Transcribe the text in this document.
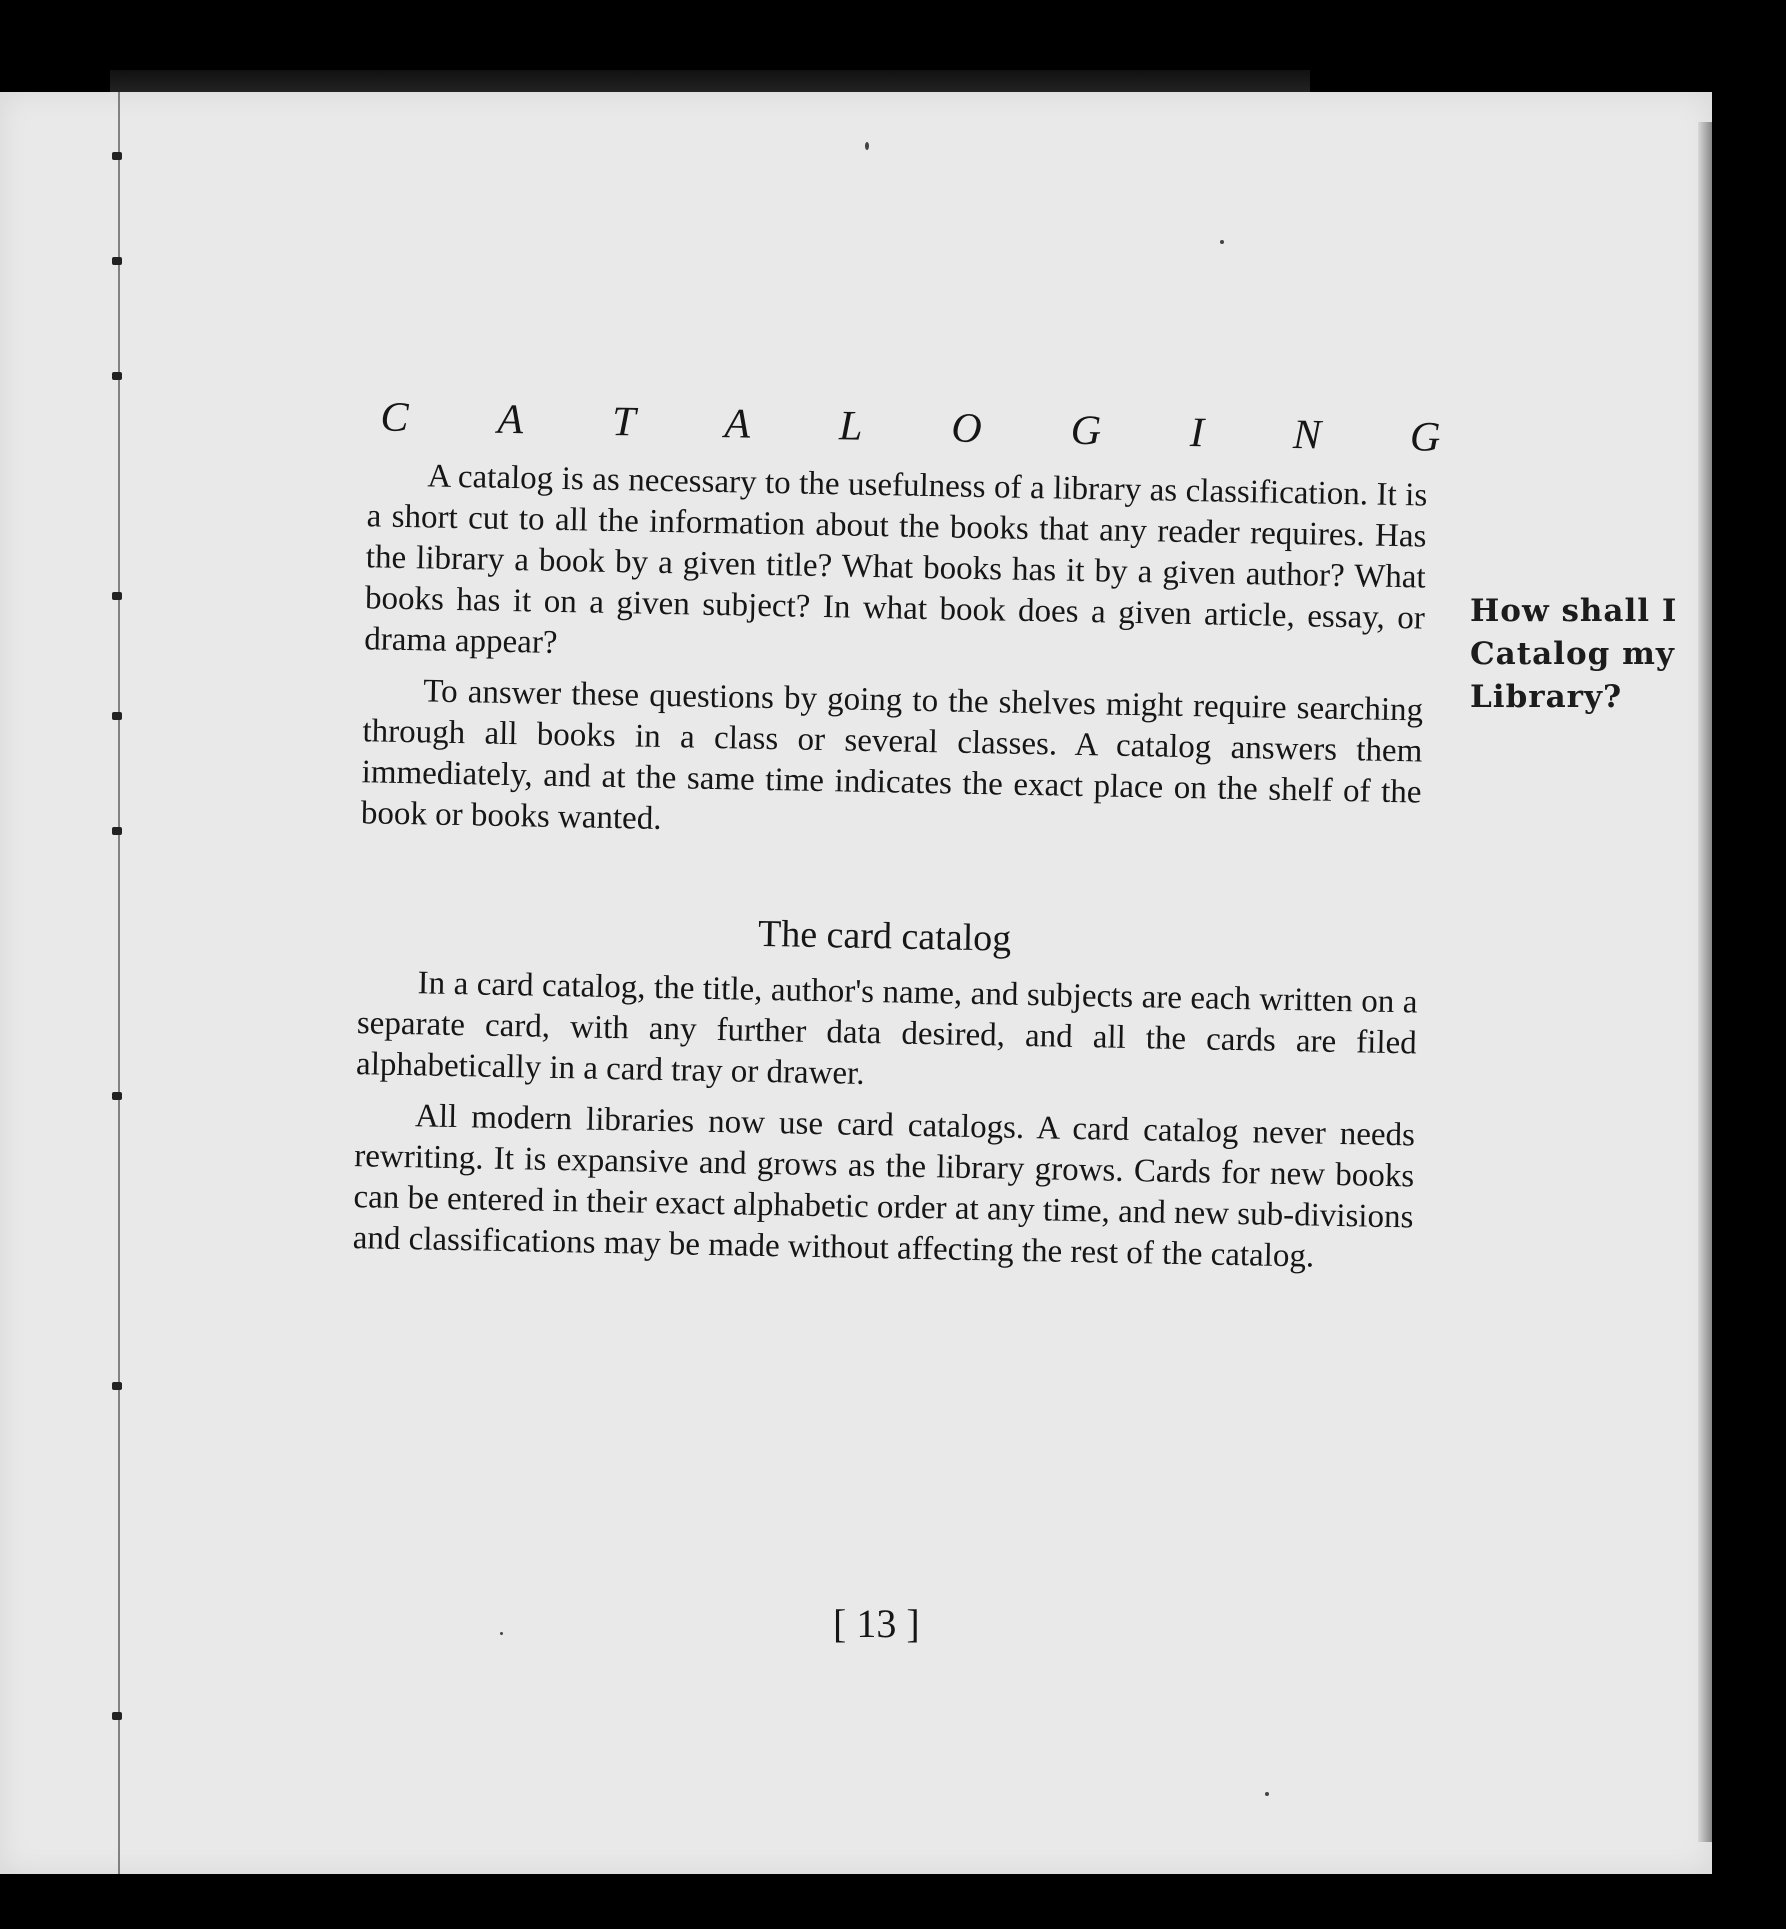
C A T A L O G I N G

A catalog is as necessary to the usefulness of a library as classification. It is a short cut to all the information about the books that any reader requires. Has the library a book by a given title? What books has it by a given author? What books has it on a given subject? In what book does a given article, essay, or drama appear?

To answer these questions by going to the shelves might require searching through all books in a class or several classes. A catalog answers them immediately, and at the same time indicates the exact place on the shelf of the book or books wanted.

The card catalog

In a card catalog, the title, author's name, and subjects are each written on a separate card, with any further data desired, and all the cards are filed alphabetically in a card tray or drawer.

All modern libraries now use card catalogs. A card catalog never needs rewriting. It is expansive and grows as the library grows. Cards for new books can be entered in their exact alphabetic order at any time, and new sub-divisions and classifications may be made without affecting the rest of the catalog.

How shall I
Catalog my
Library?
[ 13 ]
